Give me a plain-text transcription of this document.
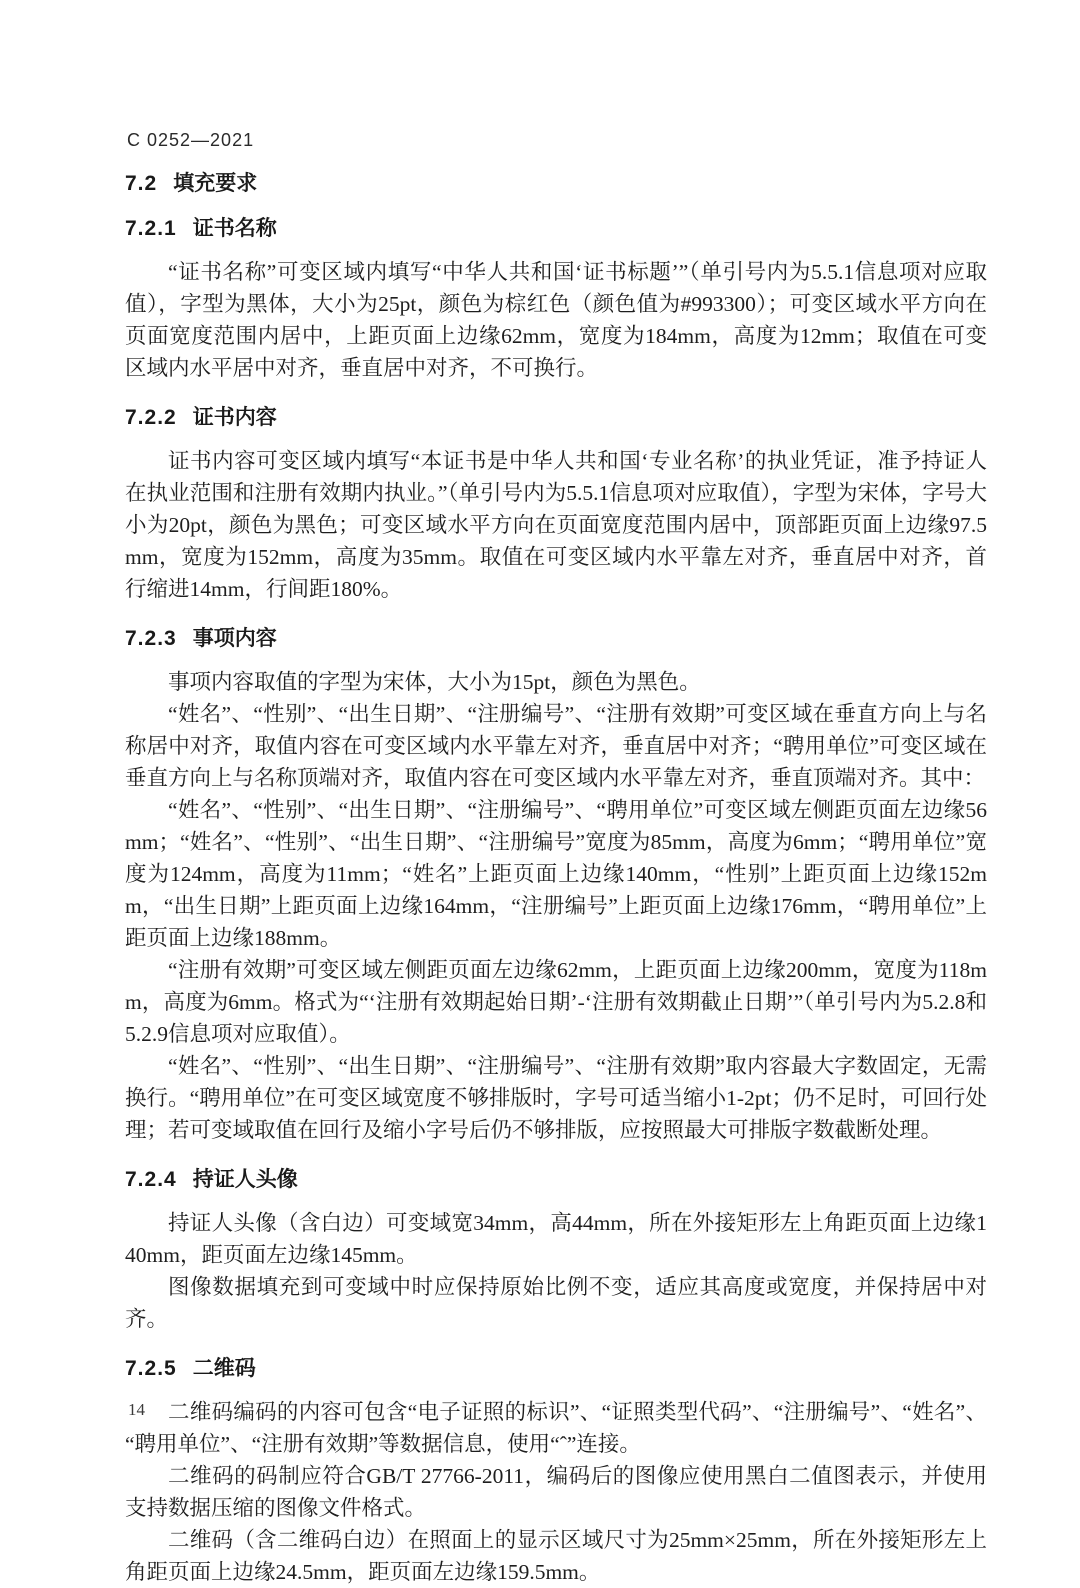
C 0252—2021
7.2 填充要求
7.2.1 证书名称

“证书名称”可变区域内填写“中华人共和国‘证书标题’”（单引号内为5.5.1信息项对应取值），字型为黑体，大小为25pt，颜色为棕红色（颜色值为#993300）；可变区域水平方向在页面宽度范围内居中，上距页面上边缘62mm，宽度为184mm，高度为12mm；取值在可变区域内水平居中对齐，垂直居中对齐，不可换行。

7.2.2 证书内容

证书内容可变区域内填写“本证书是中华人共和国‘专业名称’的执业凭证，准予持证人在执业范围和注册有效期内执业。”（单引号内为5.5.1信息项对应取值），字型为宋体，字号大小为20pt，颜色为黑色；可变区域水平方向在页面宽度范围内居中，顶部距页面上边缘97.5mm，宽度为152mm，高度为35mm。取值在可变区域内水平靠左对齐，垂直居中对齐，首行缩进14mm，行间距180%。

7.2.3 事项内容

事项内容取值的字型为宋体，大小为15pt，颜色为黑色。

“姓名”、“性别”、“出生日期”、“注册编号”、“注册有效期”可变区域在垂直方向上与名称居中对齐，取值内容在可变区域内水平靠左对齐，垂直居中对齐；“聘用单位”可变区域在垂直方向上与名称顶端对齐，取值内容在可变区域内水平靠左对齐，垂直顶端对齐。其中：

“姓名”、“性别”、“出生日期”、“注册编号”、“聘用单位”可变区域左侧距页面左边缘56mm；“姓名”、“性别”、“出生日期”、“注册编号”宽度为85mm，高度为6mm；“聘用单位”宽度为124mm，高度为11mm；“姓名”上距页面上边缘140mm，“性别”上距页面上边缘152mm，“出生日期”上距页面上边缘164mm，“注册编号”上距页面上边缘176mm，“聘用单位”上距页面上边缘188mm。

“注册有效期”可变区域左侧距页面左边缘62mm，上距页面上边缘200mm，宽度为118mm，高度为6mm。格式为“‘注册有效期起始日期’-‘注册有效期截止日期’”（单引号内为5.2.8和5.2.9信息项对应取值）。

“姓名”、“性别”、“出生日期”、“注册编号”、“注册有效期”取内容最大字数固定，无需换行。“聘用单位”在可变区域宽度不够排版时，字号可适当缩小1-2pt；仍不足时，可回行处理；若可变域取值在回行及缩小字号后仍不够排版，应按照最大可排版字数截断处理。

7.2.4 持证人头像

持证人头像（含白边）可变域宽34mm，高44mm，所在外接矩形左上角距页面上边缘140mm，距页面左边缘145mm。

图像数据填充到可变域中时应保持原始比例不变，适应其高度或宽度，并保持居中对齐。

7.2.5 二维码

二维码编码的内容可包含“电子证照的标识”、“证照类型代码”、“注册编号”、“姓名”、“聘用单位”、“注册有效期”等数据信息，使用“ˆ”连接。

二维码的码制应符合GB/T 27766-2011，编码后的图像应使用黑白二值图表示，并使用支持数据压缩的图像文件格式。

二维码（含二维码白边）在照面上的显示区域尺寸为25mm×25mm，所在外接矩形左上角距页面上边缘24.5mm，距页面左边缘159.5mm。

14
